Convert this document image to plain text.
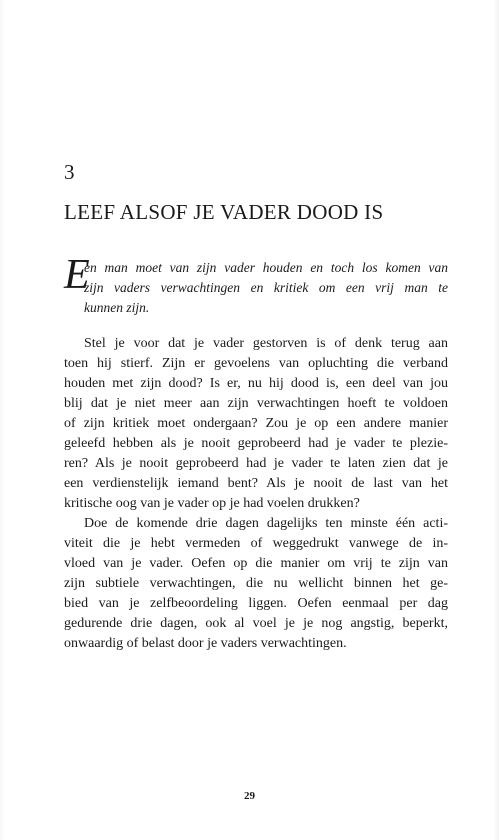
3
LEEF ALSOF JE VADER DOOD IS
E
en man moet van zijn vader houden en toch los komen van
zijn vaders verwachtingen en kritiek om een vrij man te
kunnen zijn.
Stel je voor dat je vader gestorven is of denk terug aan
toen hij stierf. Zijn er gevoelens van opluchting die verband
houden met zijn dood? Is er, nu hij dood is, een deel van jou
blij dat je niet meer aan zijn verwachtingen hoeft te voldoen
of zijn kritiek moet ondergaan? Zou je op een andere manier
geleefd hebben als je nooit geprobeerd had je vader te plezie-
ren? Als je nooit geprobeerd had je vader te laten zien dat je
een verdienstelijk iemand bent? Als je nooit de last van het
kritische oog van je vader op je had voelen drukken?
Doe de komende drie dagen dagelijks ten minste één acti-
viteit die je hebt vermeden of weggedrukt vanwege de in-
vloed van je vader. Oefen op die manier om vrij te zijn van
zijn subtiele verwachtingen, die nu wellicht binnen het ge-
bied van je zelfbeoordeling liggen. Oefen eenmaal per dag
gedurende drie dagen, ook al voel je je nog angstig, beperkt,
onwaardig of belast door je vaders verwachtingen.
29
